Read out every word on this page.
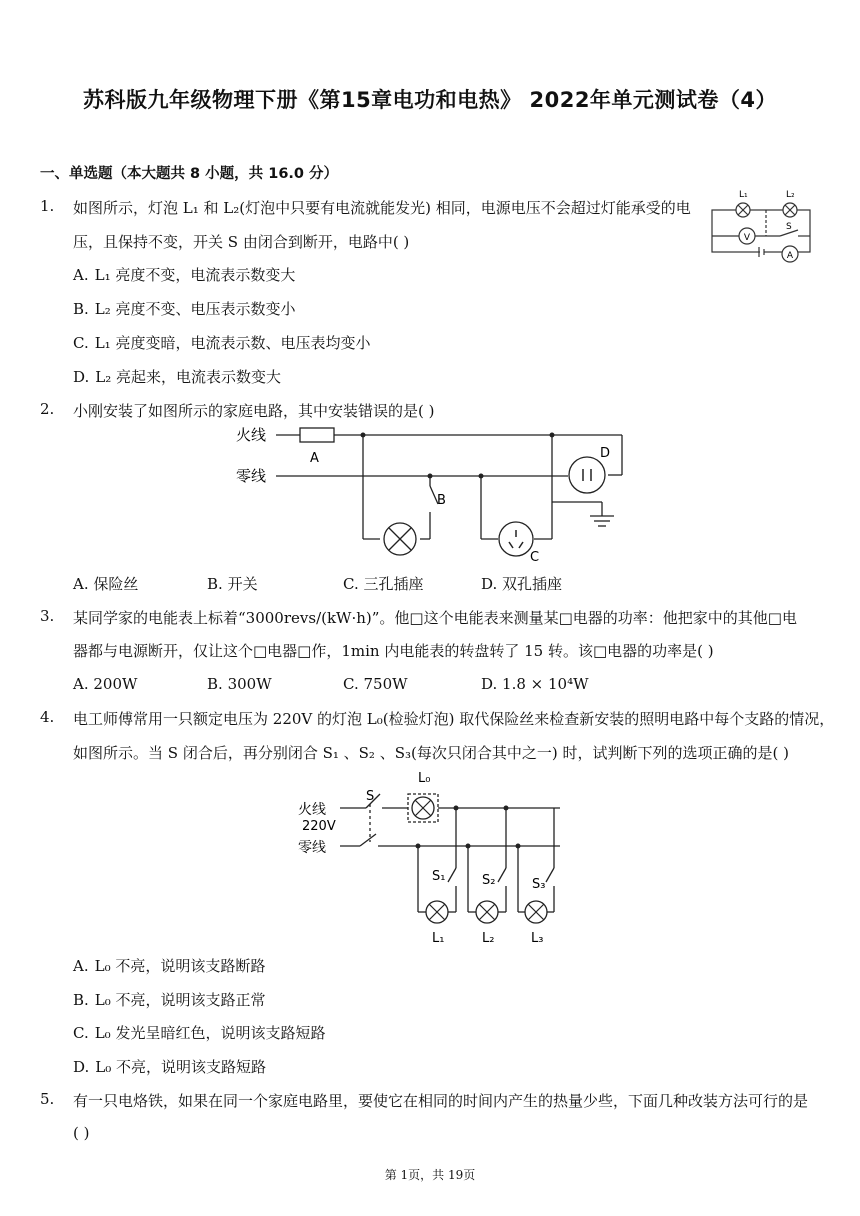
苏科版九年级物理下册《第15章电功和电热》 2022年单元测试卷（4）
一、单选题（本大题共 8 小题，共 16.0 分）
1. 如图所示，灯泡 L₁ 和 L₂(灯泡中只要有电流就能发光) 相同，电源电压不会超过灯能承受的电
压，且保持不变，开关 S 由闭合到断开，电路中( )
A. L₁ 亮度不变，电流表示数变大
B. L₂ 亮度不变、电压表示数变小
C. L₁ 亮度变暗，电流表示数、电压表均变小
D. L₂ 亮起来，电流表示数变大
V
A
L₁	L₂
S
2. 小刚安装了如图所示的家庭电路，其中安装错误的是( )
火线
零线
A
B
C
D
A. 保险丝	B. 开关	C. 三孔插座	D. 双孔插座
3. 某同学家的电能表上标着“3000revs/(kW·h)”。他□这个电能表来测量某□电器的功率：他把家中的其他□电
器都与电源断开，仅让这个□电器□作，1min 内电能表的转盘转了 15 转。该□电器的功率是( )
A. 200W	B. 300W	C. 750W	D. 1.8 × 10⁴W
4. 电工师傅常用一只额定电压为 220V 的灯泡 L₀(检验灯泡) 取代保险丝来检查新安装的照明电路中每个支路的情况，
如图所示。当 S 闭合后，再分别闭合 S₁ 、S₂ 、S₃(每次只闭合其中之一) 时，试判断下列的选项正确的是( )
火线
220V
零线
S
L₀
S₁	S₂	S₃
L₁	L₂	L₃
A. L₀ 不亮，说明该支路断路
B. L₀ 不亮，说明该支路正常
C. L₀ 发光呈暗红色，说明该支路短路
D. L₀ 不亮，说明该支路短路
5. 有一只电烙铁，如果在同一个家庭电路里，要使它在相同的时间内产生的热量少些，下面几种改装方法可行的是
( )
第 1页，共 19页
